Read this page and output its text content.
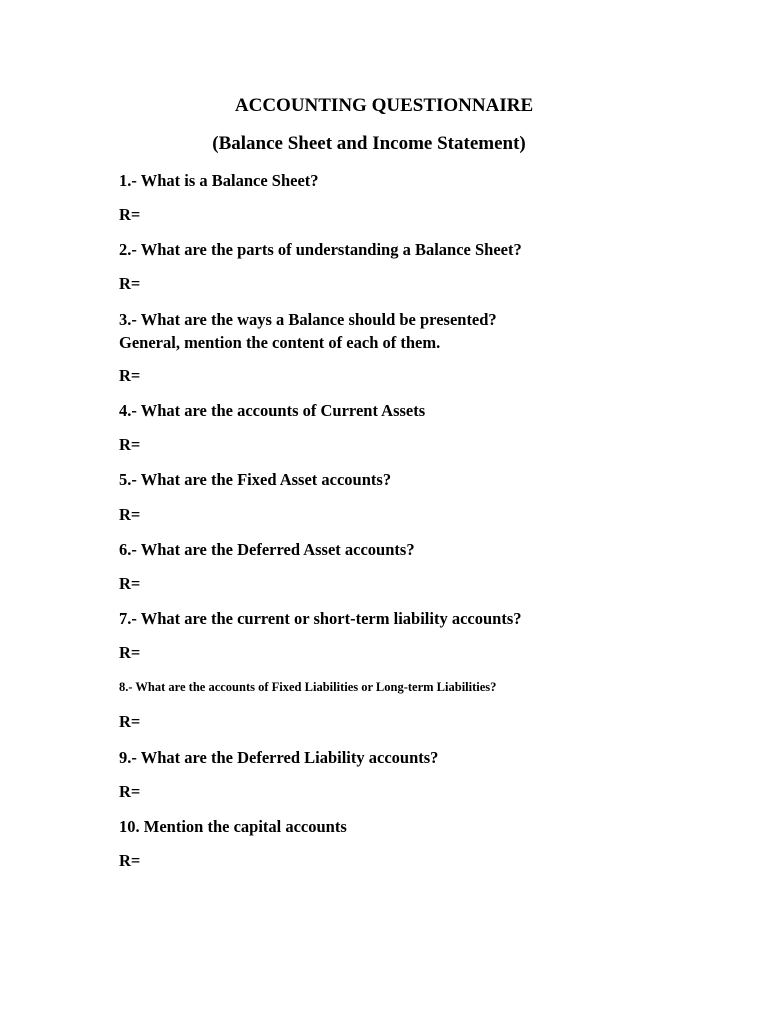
ACCOUNTING QUESTIONNAIRE
(Balance Sheet and Income Statement)
1.- What is a Balance Sheet?
R=
2.- What are the parts of understanding a Balance Sheet?
R=
3.- What are the ways a Balance should be presented?
General, mention the content of each of them.
R=
4.- What are the accounts of Current Assets
R=
5.- What are the Fixed Asset accounts?
R=
6.- What are the Deferred Asset accounts?
R=
7.- What are the current or short-term liability accounts?
R=
8.- What are the accounts of Fixed Liabilities or Long-term Liabilities?
R=
9.- What are the Deferred Liability accounts?
R=
10. Mention the capital accounts
R=
